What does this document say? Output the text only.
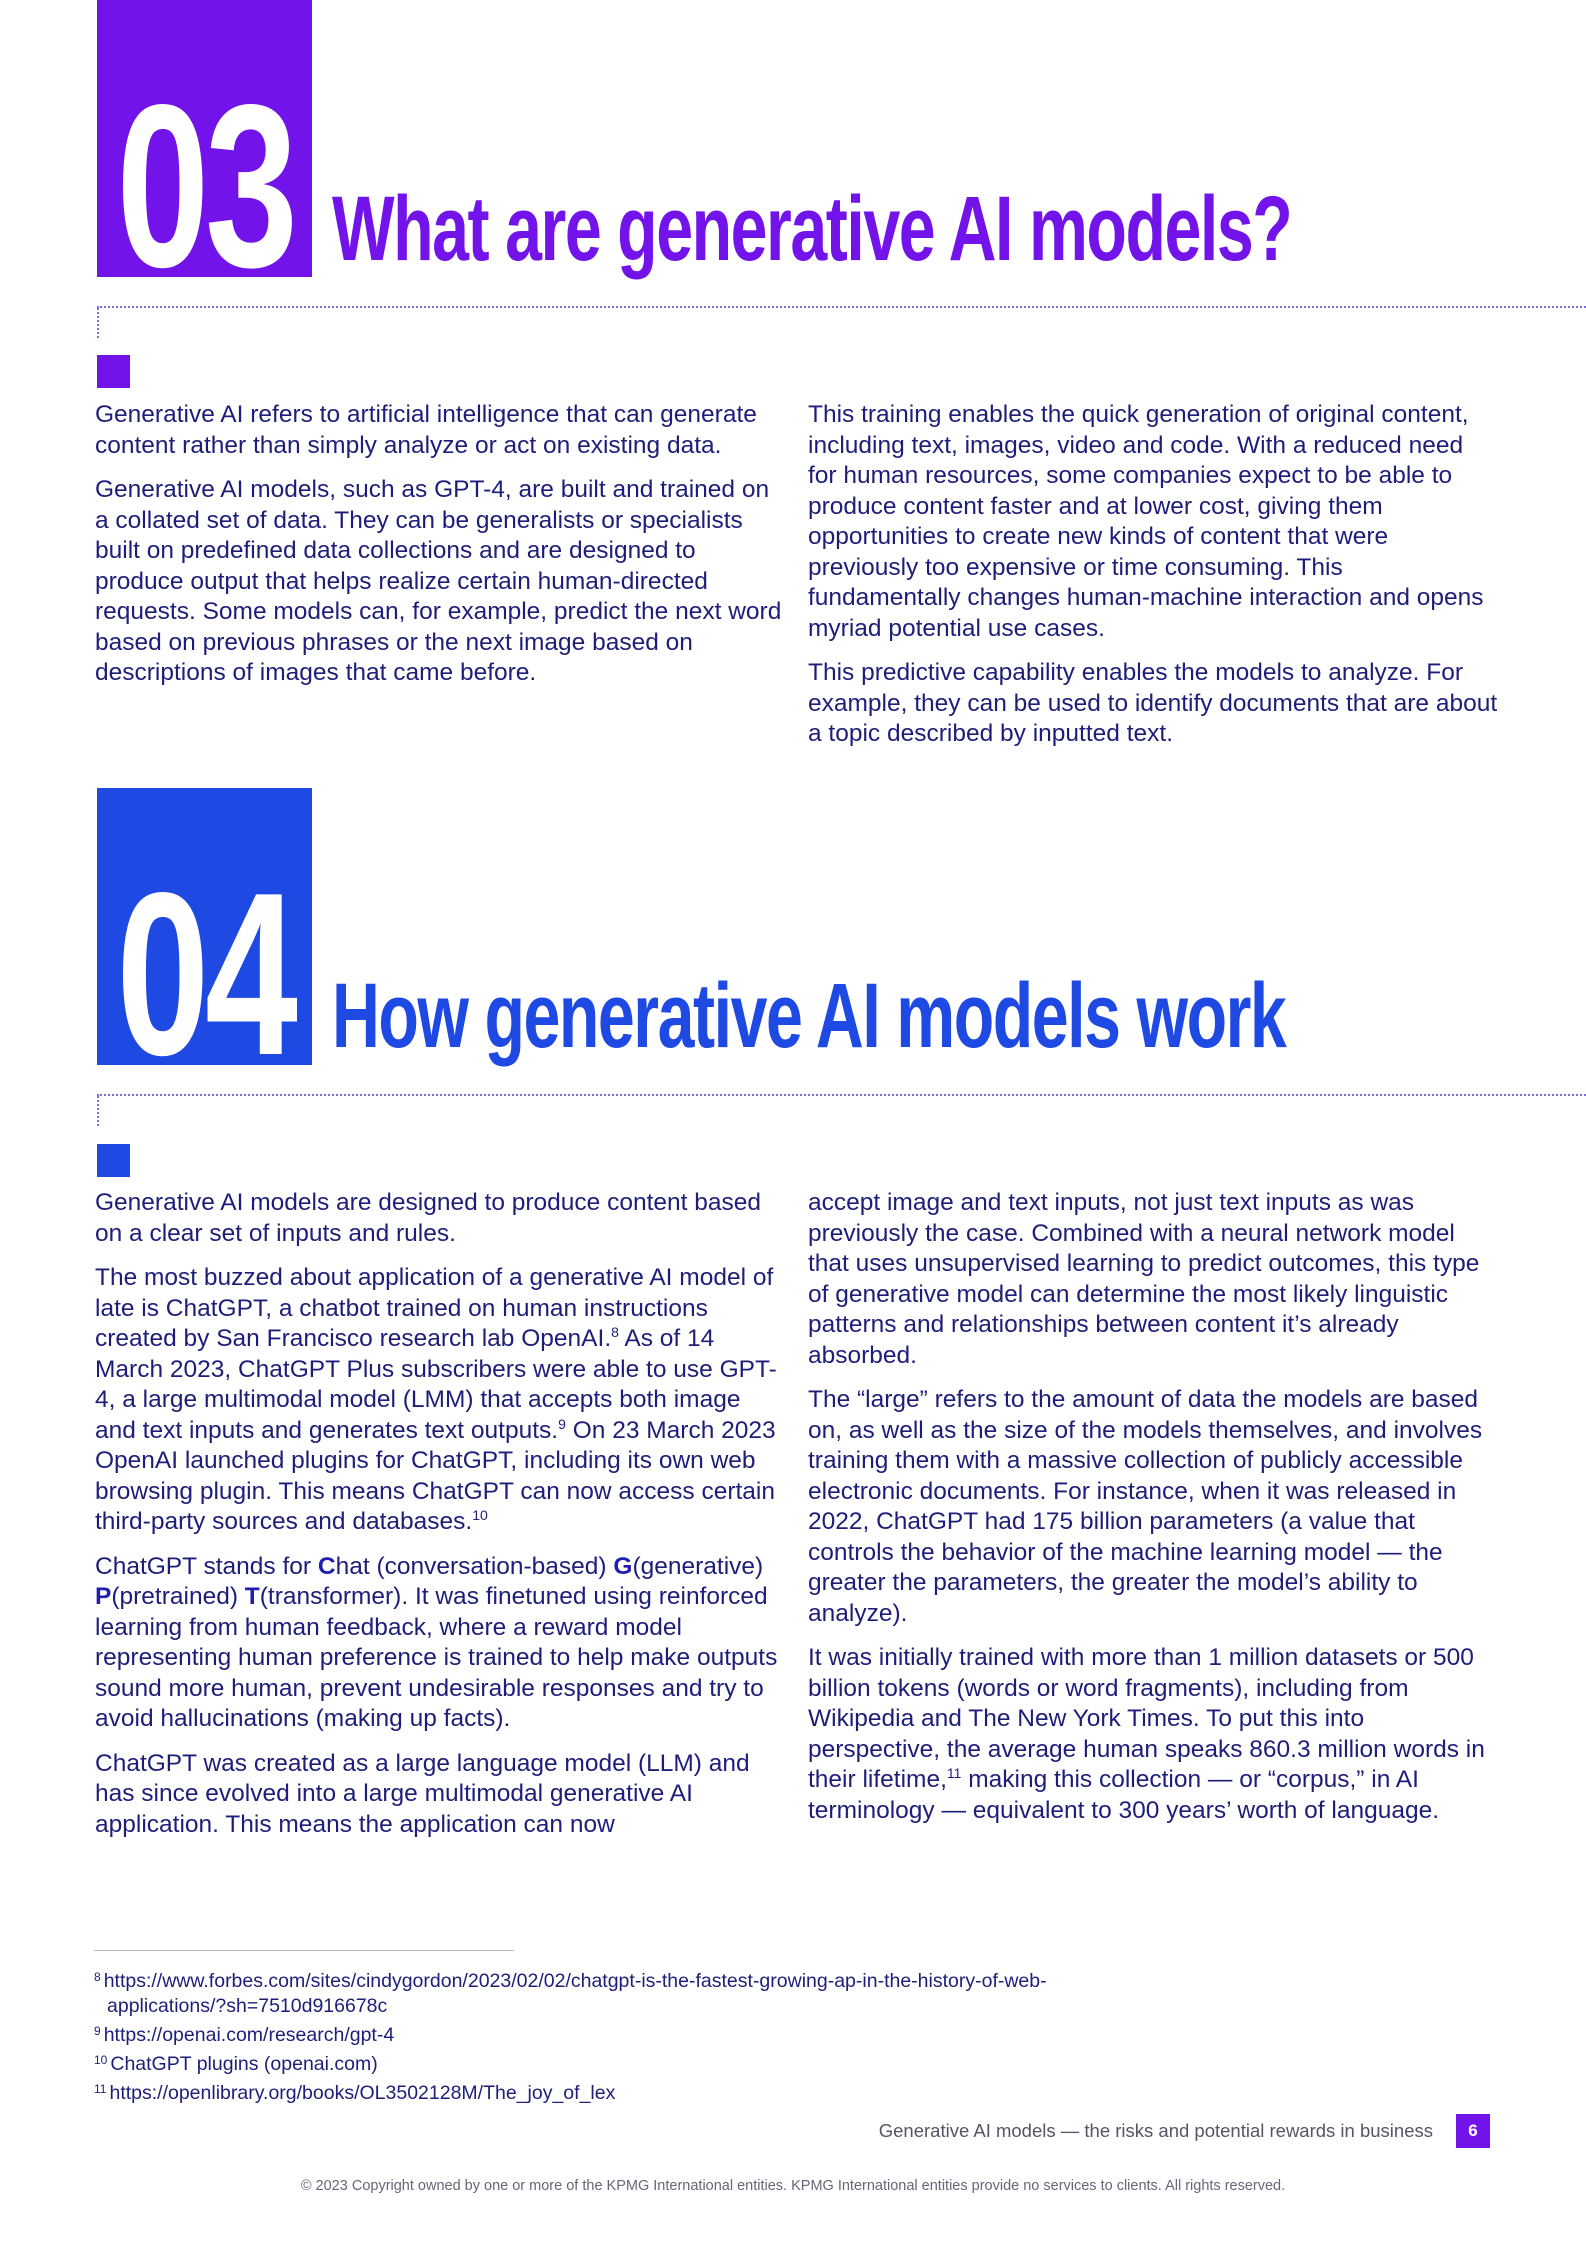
03 What are generative AI models?

Generative AI refers to artificial intelligence that can generate content rather than simply analyze or act on existing data.

Generative AI models, such as GPT-4, are built and trained on a collated set of data. They can be generalists or specialists built on predefined data collections and are designed to produce output that helps realize certain human-directed requests. Some models can, for example, predict the next word based on previous phrases or the next image based on descriptions of images that came before.

This training enables the quick generation of original content, including text, images, video and code. With a reduced need for human resources, some companies expect to be able to produce content faster and at lower cost, giving them opportunities to create new kinds of content that were previously too expensive or time consuming. This fundamentally changes human-machine interaction and opens myriad potential use cases.

This predictive capability enables the models to analyze. For example, they can be used to identify documents that are about a topic described by inputted text.

04 How generative AI models work

Generative AI models are designed to produce content based on a clear set of inputs and rules.

The most buzzed about application of a generative AI model of late is ChatGPT, a chatbot trained on human instructions created by San Francisco research lab OpenAI.$^8$ As of 14 March 2023, ChatGPT Plus subscribers were able to use GPT-4, a large multimodal model (LMM) that accepts both image and text inputs and generates text outputs.$^9$ On 23 March 2023 OpenAI launched plugins for ChatGPT, including its own web browsing plugin. This means ChatGPT can now access certain third-party sources and databases.$^{10}$

ChatGPT stands for Chat (conversation-based) G(generative)
P(pretrained) T(transformer). It was finetuned using reinforced learning from human feedback, where a reward model representing human preference is trained to help make outputs sound more human, prevent undesirable responses and try to avoid hallucinations (making up facts).

ChatGPT was created as a large language model (LLM) and has since evolved into a large multimodal generative AI application. This means the application can now

accept image and text inputs, not just text inputs as was previously the case. Combined with a neural network model that uses unsupervised learning to predict outcomes, this type of generative model can determine the most likely linguistic patterns and relationships between content it’s already absorbed.

The “large” refers to the amount of data the models are based on, as well as the size of the models themselves, and involves training them with a massive collection of publicly accessible electronic documents. For instance, when it was released in 2022, ChatGPT had 175 billion parameters (a value that controls the behavior of the machine learning model — the greater the parameters, the greater the model’s ability to analyze).

It was initially trained with more than 1 million datasets or 500 billion tokens (words or word fragments), including from Wikipedia and The New York Times. To put this into perspective, the average human speaks 860.3 million words in their lifetime,$^{11}$ making this collection — or “corpus,” in AI terminology — equivalent to 300 years’ worth of language.

$^8$ https://www.forbes.com/sites/cindygordon/2023/02/02/chatgpt-is-the-fastest-growing-ap-in-the-history-of-web-
applications/?sh=7510d916678c
$^9$ https://openai.com/research/gpt-4
$^{10}$ ChatGPT plugins (openai.com)
$^{11}$ https://openlibrary.org/books/OL3502128M/The_joy_of_lex
Generative AI models — the risks and potential rewards in business	6
© 2023 Copyright owned by one or more of the KPMG International entities. KPMG International entities provide no services to clients. All rights reserved.
